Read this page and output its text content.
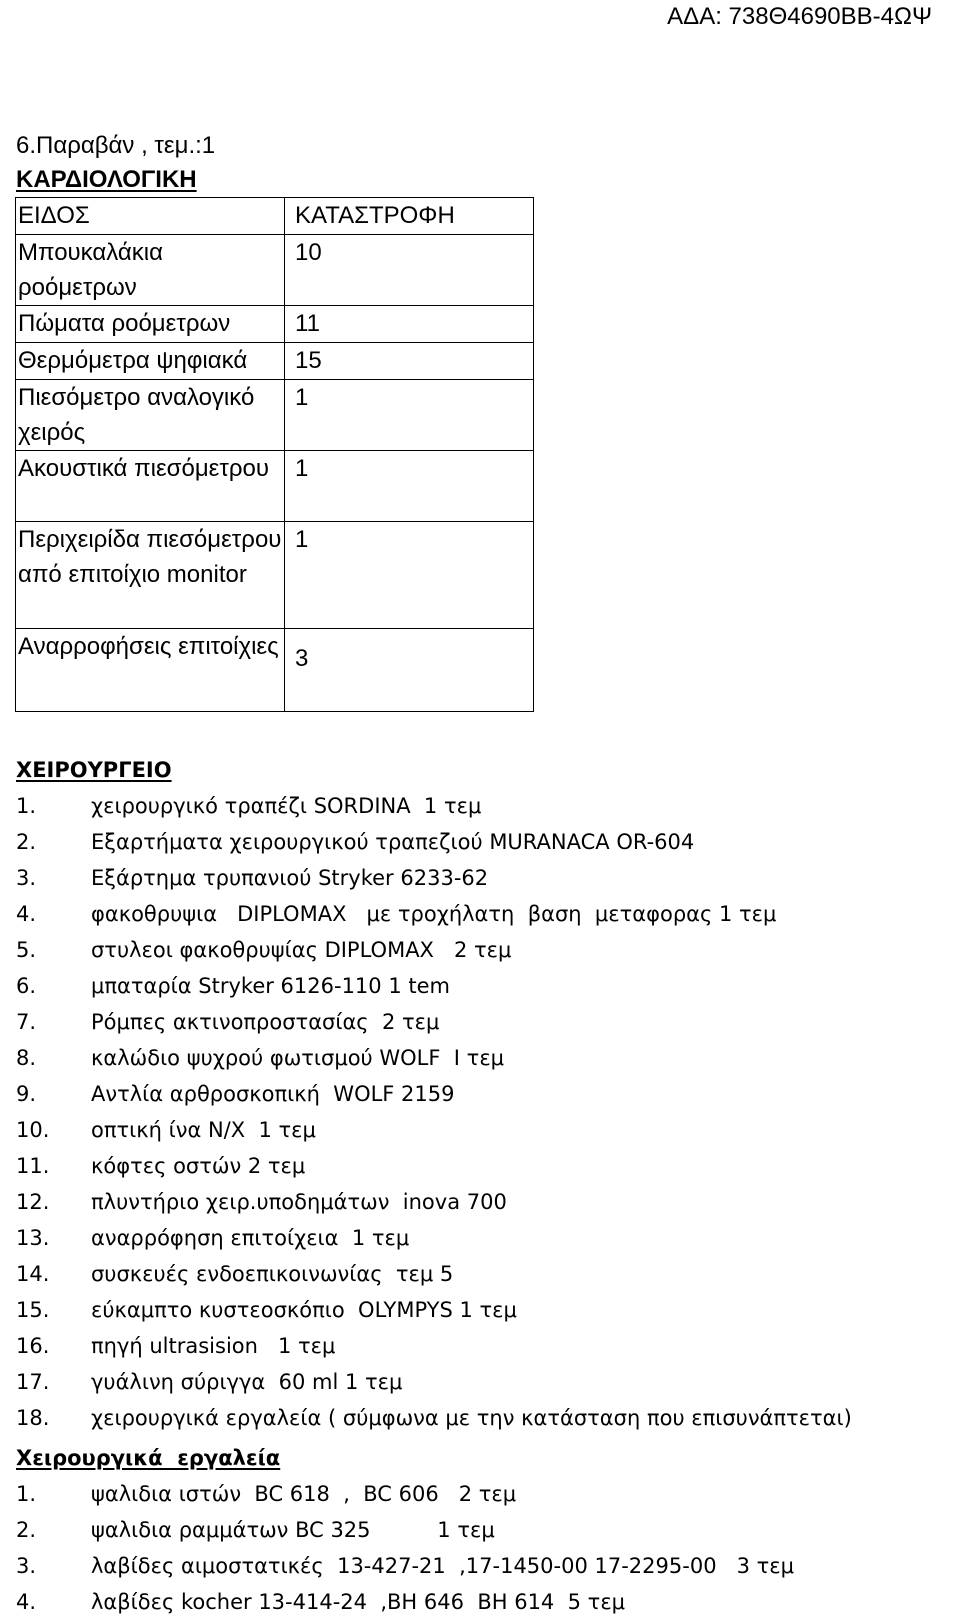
ΑΔΑ: 738Θ4690ΒΒ-4ΩΨ
6.Παραβάν , τεμ.:1
ΚΑΡΔΙΟΛΟΓΙΚΗ
ΕΙΔΟΣ	ΚΑΤΑΣΤΡΟΦΗ
Μπουκαλάκια ροόμετρων	10
Πώματα ροόμετρων	11
Θερμόμετρα ψηφιακά	15
Πιεσόμετρο αναλογικό χειρός	1
Ακουστικά πιεσόμετρου	1
Περιχειρίδα πιεσόμετρου από επιτοίχιο monitor	1
Αναρροφήσεις επιτοίχιες	3
ΧΕΙΡΟΥΡΓΕΙΟ
1.	χειρουργικό τραπέζι SORDINA  1 τεμ
2.	Εξαρτήματα χειρουργικού τραπεζιού MURANACA OR-604
3.	Εξάρτημα τρυπανιού Stryker 6233-62
4.	φακοθρυψια   DIPLOMAX   με τροχήλατη  βαση  μεταφορας 1 τεμ
5.	στυλεοι φακοθρυψίας DIPLOMAX   2 τεμ
6.	μπαταρία Stryker 6126-110 1 tem
7.	Ρόμπες ακτινοπροστασίας  2 τεμ
8.	καλώδιο ψυχρού φωτισμού WOLF  I τεμ
9.	Αντλία αρθροσκοπική  WOLF 2159
10. οπτική ίνα N/X  1 τεμ
11. κόφτες οστών 2 τεμ
12. πλυντήριο χειρ.υποδημάτων  inova 700
13. αναρρόφηση επιτοίχεια  1 τεμ
14. συσκευές ενδοεπικοινωνίας  τεμ 5
15. εύκαμπτο κυστεοσκόπιο  OLYMPYS 1 τεμ
16. πηγή ultrasision   1 τεμ
17. γυάλινη σύριγγα  60 ml 1 τεμ
18. χειρουργικά εργαλεία ( σύμφωνα με την κατάσταση που επισυνάπτεται)
Χειρουργικά  εργαλεία
1.	ψαλιδια ιστών  BC 618  ,  BC 606   2 τεμ
2.	ψαλιδια ραμμάτων BC 325          1 τεμ
3.	λαβίδες αιμοστατικές  13-427-21  ,17-1450-00 17-2295-00   3 τεμ
4.	λαβίδες kocher 13-414-24  ,BH 646  BH 614  5 τεμ
